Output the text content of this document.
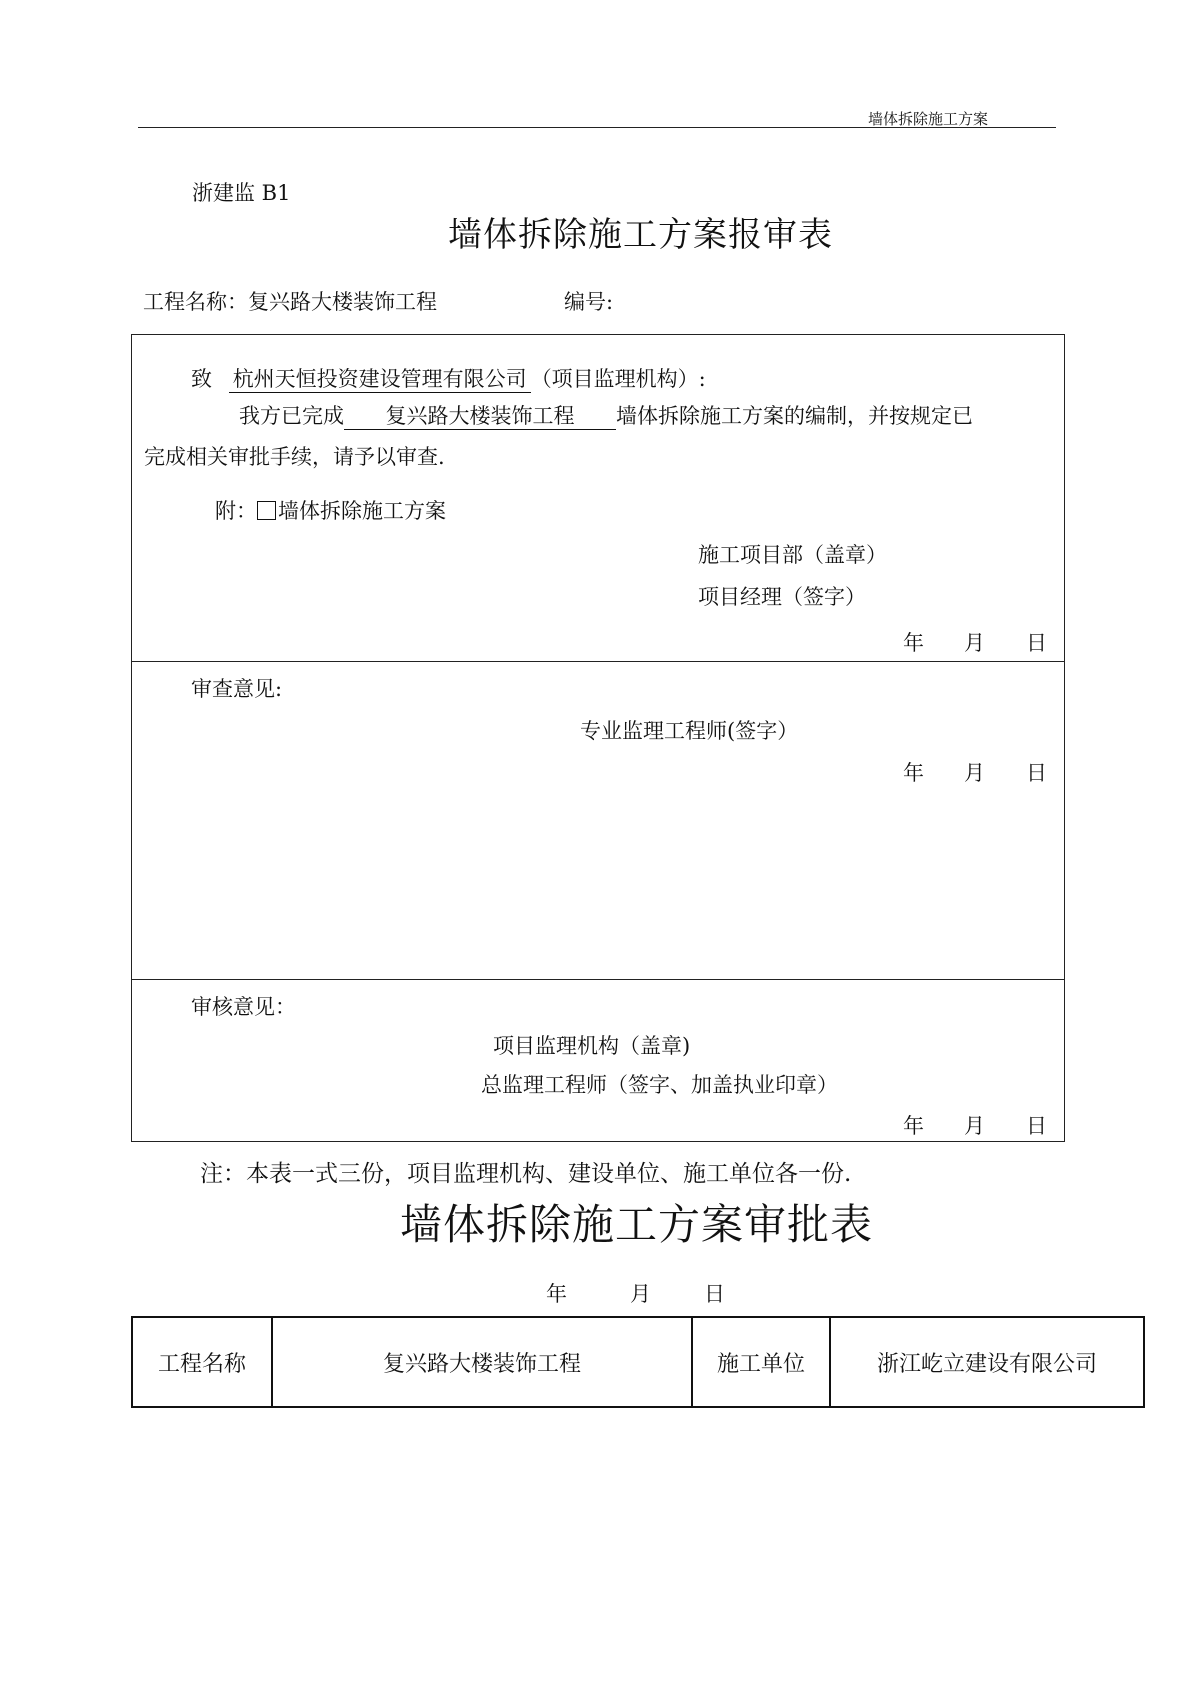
墙体拆除施工方案
浙建监 B1
墙体拆除施工方案报审表
工程名称：复兴路大楼装饰工程	编号:
致 杭州天恒投资建设管理有限公司 （项目监理机构）:
我方已完成 复兴路大楼装饰工程 墙体拆除施工方案的编制，并按规定已
完成相关审批手续，请予以审查.
附： 墙体拆除施工方案
施工项目部（盖章）
项目经理（签字）
年 月 日
审查意见:
专业监理工程师(签字）
年 月 日
审核意见：
项目监理机构（盖章)
总监理工程师（签字、加盖执业印章）
年 月 日
注：本表一式三份，项目监理机构、建设单位、施工单位各一份.
墙体拆除施工方案审批表
年	月	日
工程名称	复兴路大楼装饰工程	施工单位	浙江屹立建设有限公司
